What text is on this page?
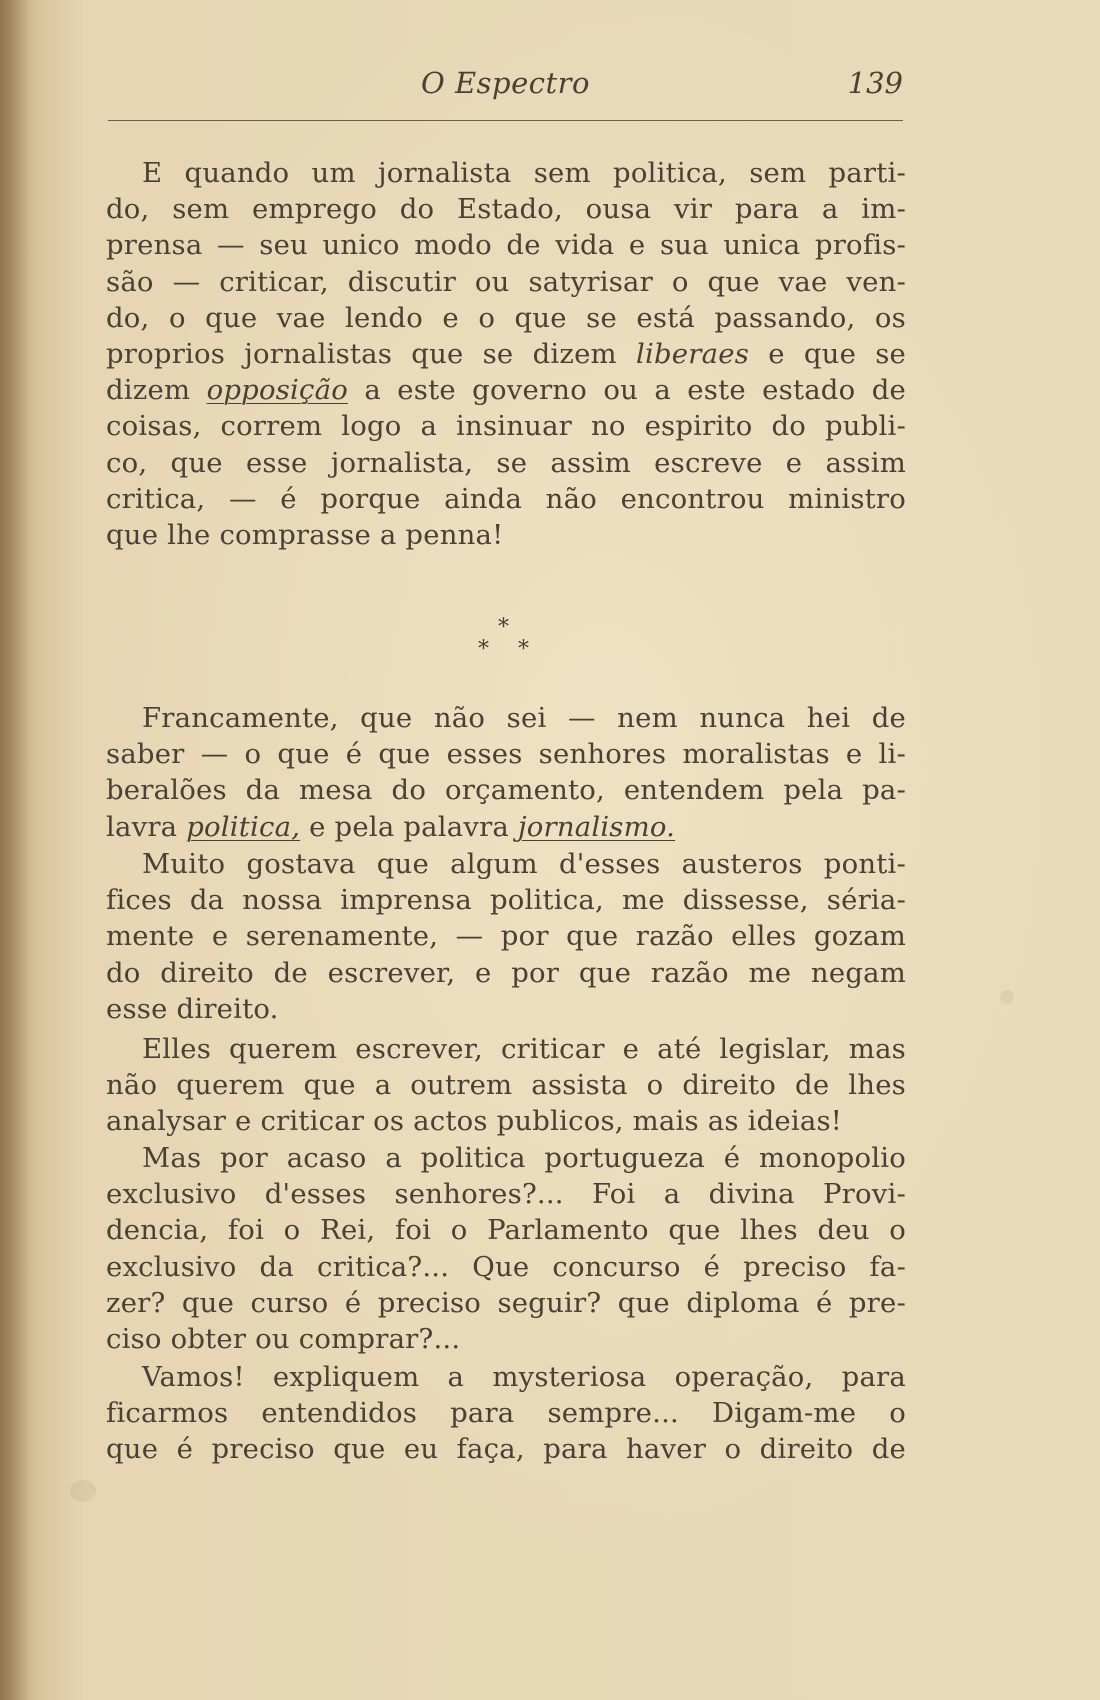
O Espectro	139
E quando um jornalista sem politica, sem parti-
do, sem emprego do Estado, ousa vir para a im-
prensa — seu unico modo de vida e sua unica profis-
são — criticar, discutir ou satyrisar o que vae ven-
do, o que vae lendo e o que se está passando, os
proprios jornalistas que se dizem liberaes e que se
dizem opposição a este governo ou a este estado de
coisas, correm logo a insinuar no espirito do publi-
co, que esse jornalista, se assim escreve e assim
critica, — é porque ainda não encontrou ministro
que lhe comprasse a penna!
*
* *
Francamente, que não sei — nem nunca hei de
saber — o que é que esses senhores moralistas e li-
beralões da mesa do orçamento, entendem pela pa-
lavra politica, e pela palavra jornalismo.
Muito gostava que algum d'esses austeros ponti-
fices da nossa imprensa politica, me dissesse, séria-
mente e serenamente, — por que razão elles gozam
do direito de escrever, e por que razão me negam
esse direito.
Elles querem escrever, criticar e até legislar, mas
não querem que a outrem assista o direito de lhes
analysar e criticar os actos publicos, mais as ideias!
Mas por acaso a politica portugueza é monopolio
exclusivo d'esses senhores?... Foi a divina Provi-
dencia, foi o Rei, foi o Parlamento que lhes deu o
exclusivo da critica?... Que concurso é preciso fa-
zer? que curso é preciso seguir? que diploma é pre-
ciso obter ou comprar?...
Vamos! expliquem a mysteriosa operação, para
ficarmos entendidos para sempre... Digam-me o
que é preciso que eu faça, para haver o direito de
